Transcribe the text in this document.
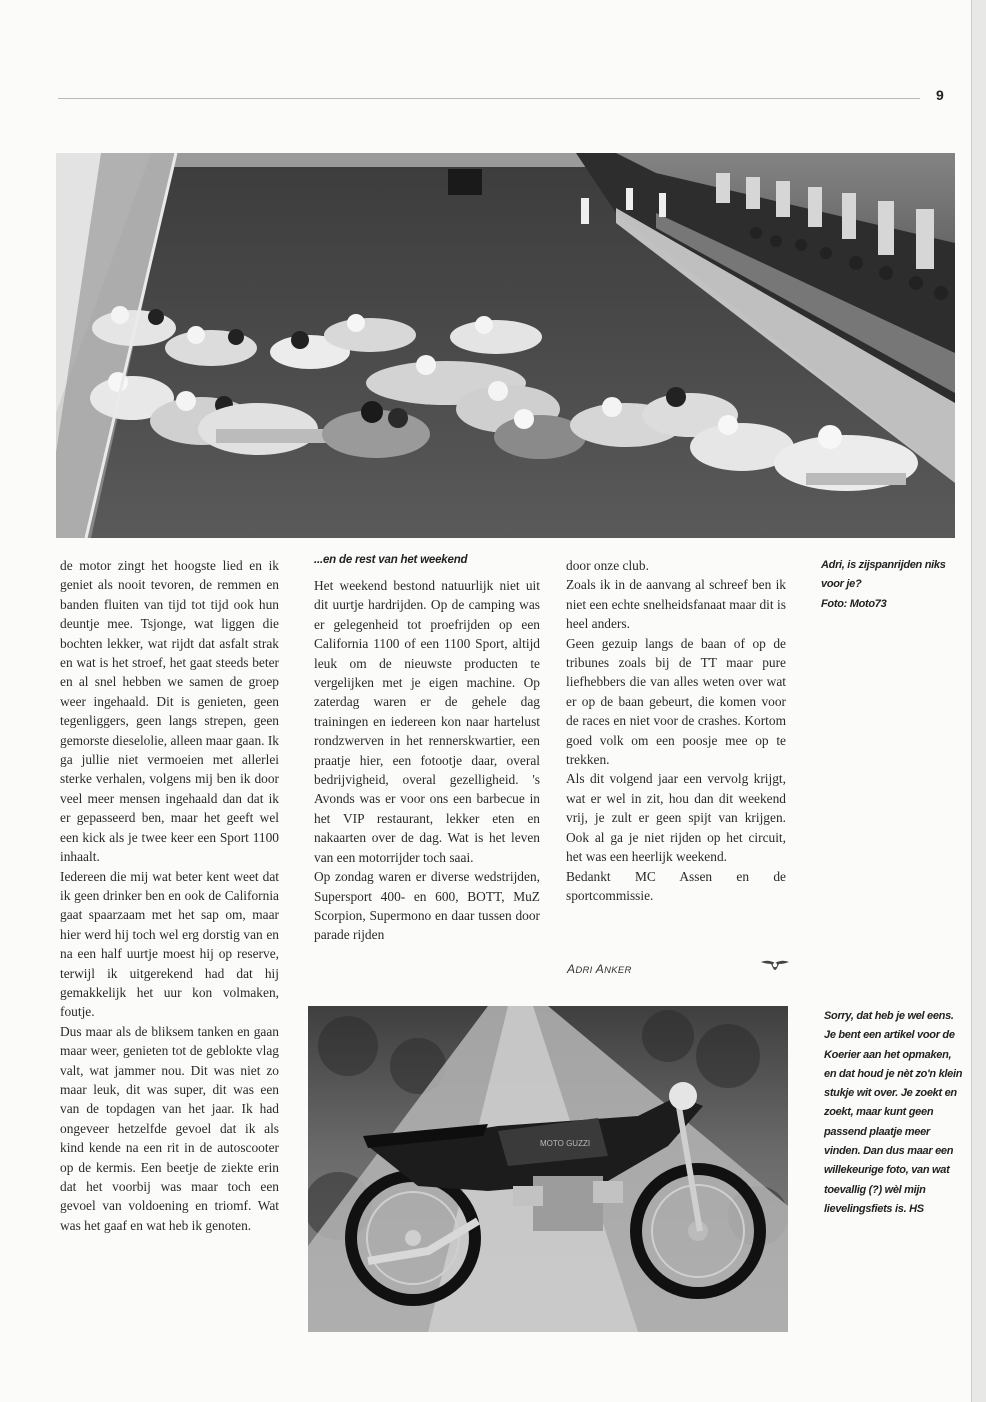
9

de motor zingt het hoogste lied en ik geniet als nooit tevoren, de remmen en banden fluiten van tijd tot tijd ook hun deuntje mee. Tsjonge, wat liggen die bochten lekker, wat rijdt dat asfalt strak en wat is het stroef, het gaat steeds beter en al snel hebben we samen de groep weer ingehaald. Dit is genieten, geen tegenliggers, geen langs strepen, geen gemorste dieselolie, alleen maar gaan. Ik ga jullie niet vermoeien met allerlei sterke verhalen, volgens mij ben ik door veel meer mensen ingehaald dan dat ik er gepasseerd ben, maar het geeft wel een kick als je twee keer een Sport 1100 inhaalt.

Iedereen die mij wat beter kent weet dat ik geen drinker ben en ook de California gaat spaarzaam met het sap om, maar hier werd hij toch wel erg dorstig van en na een half uurtje moest hij op reserve, terwijl ik uitgerekend had dat hij gemakkelijk het uur kon volmaken, foutje.

Dus maar als de bliksem tanken en gaan maar weer, genieten tot de geblokte vlag valt, wat jammer nou. Dit was niet zo maar leuk, dit was super, dit was een van de topdagen van het jaar. Ik had ongeveer hetzelfde gevoel dat ik als kind kende na een rit in de autoscooter op de kermis. Een beetje de ziekte erin dat het voorbij was maar toch een gevoel van voldoening en triomf. Wat was het gaaf en wat heb ik genoten.

...en de rest van het weekend

Het weekend bestond natuurlijk niet uit dit uurtje hardrijden. Op de camping was er gelegenheid tot proefrijden op een California 1100 of een 1100 Sport, altijd leuk om de nieuwste producten te vergelijken met je eigen machine. Op zaterdag waren er de gehele dag trainingen en iedereen kon naar hartelust rondzwerven in het rennerskwartier, een praatje hier, een fotootje daar, overal bedrijvigheid, overal gezelligheid. 's Avonds was er voor ons een barbecue in het VIP restaurant, lekker eten en nakaarten over de dag. Wat is het leven van een motorrijder toch saai.

Op zondag waren er diverse wedstrijden, Supersport 400- en 600, BOTT, MuZ Scorpion, Supermono en daar tussen door parade rijden

door onze club.

Zoals ik in de aanvang al schreef ben ik niet een echte snelheidsfanaat maar dit is heel anders.

Geen gezuip langs de baan of op de tribunes zoals bij de TT maar pure liefhebbers die van alles weten over wat er op de baan gebeurt, die komen voor de races en niet voor de crashes. Kortom goed volk om een poosje mee op te trekken.

Als dit volgend jaar een vervolg krijgt, wat er wel in zit, hou dan dit weekend vrij, je zult er geen spijt van krijgen. Ook al ga je niet rijden op het circuit, het was een heerlijk weekend.

Bedankt MC Assen en de sportcommissie.

ADRI ANKER

Adri, is zijspanrijden niks voor je?

Foto: Moto73

MOTO GUZZI
Sorry, dat heb je wel eens. Je bent een artikel voor de Koerier aan het opmaken, en dat houd je nèt zo'n klein stukje wit over. Je zoekt en zoekt, maar kunt geen passend plaatje meer vinden. Dan dus maar een willekeurige foto, van wat toevallig (?) wèl mijn lievelingsfiets is. HS
